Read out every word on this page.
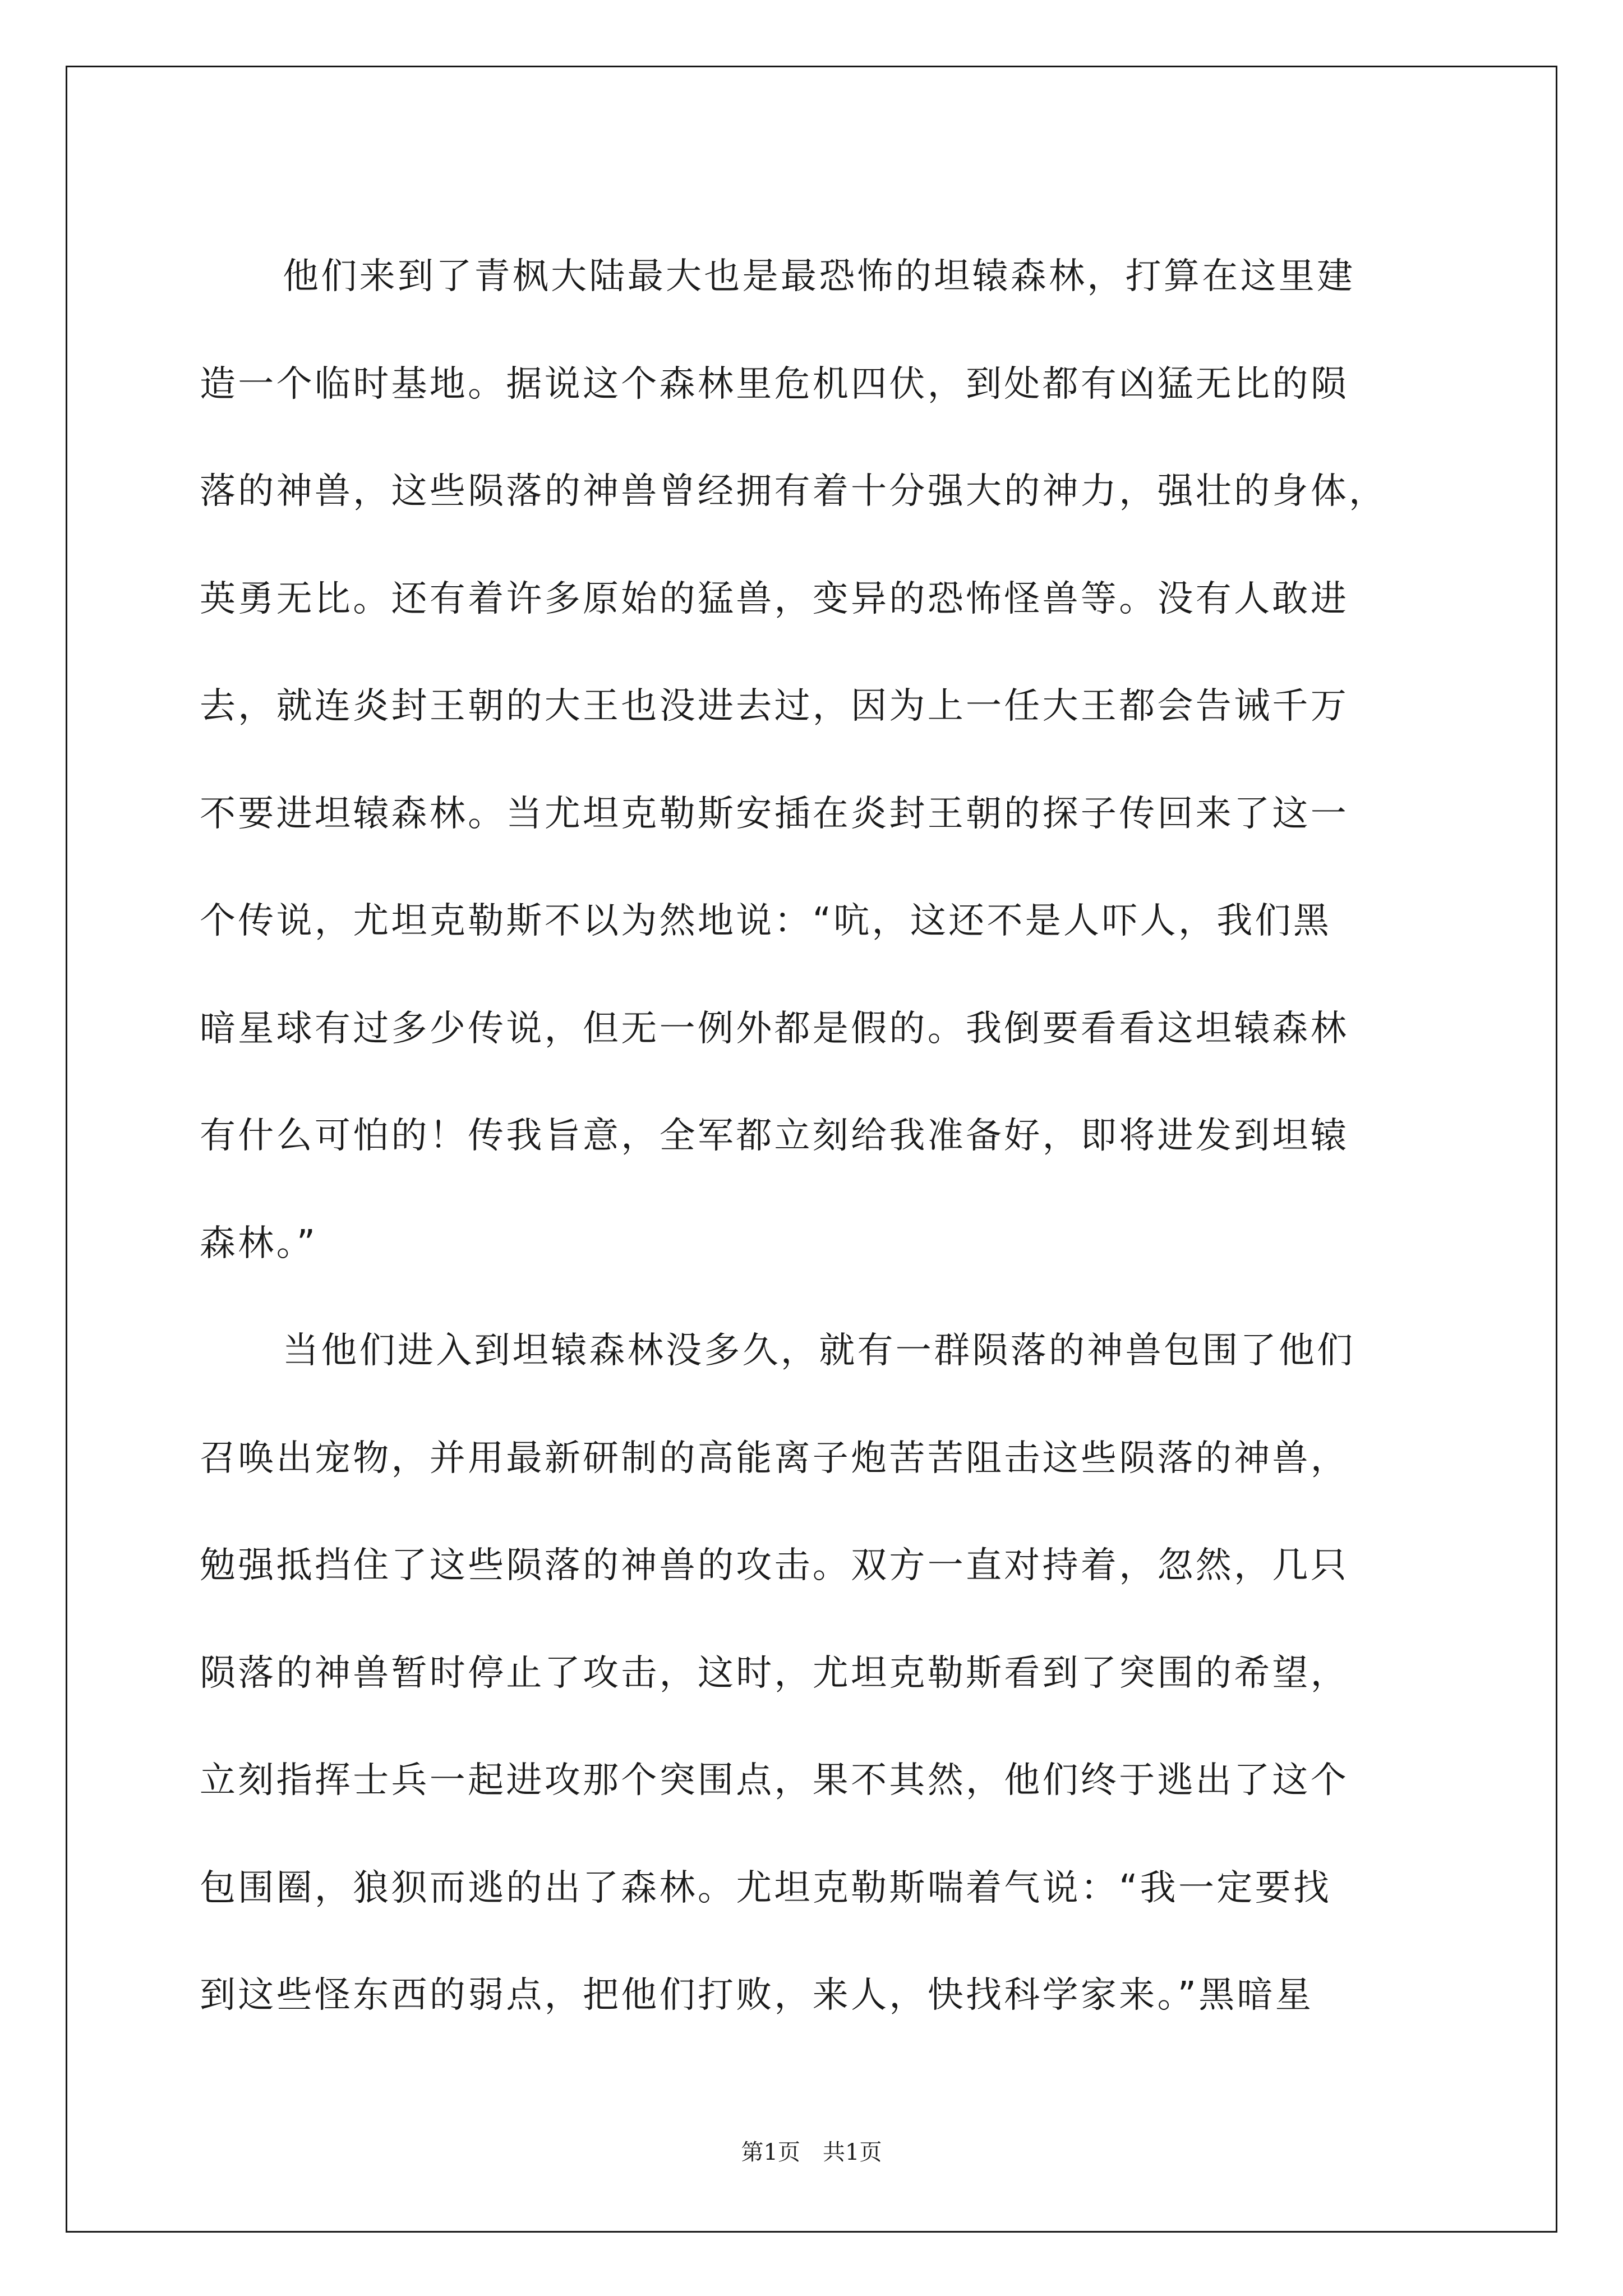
他们来到了青枫大陆最大也是最恐怖的坦辕森林，打算在这里建
造一个临时基地。据说这个森林里危机四伏，到处都有凶猛无比的陨
落的神兽，这些陨落的神兽曾经拥有着十分强大的神力，强壮的身体，
英勇无比。还有着许多原始的猛兽，变异的恐怖怪兽等。没有人敢进
去，就连炎封王朝的大王也没进去过，因为上一任大王都会告诫千万
不要进坦辕森林。当尤坦克勒斯安插在炎封王朝的探子传回来了这一
个传说，尤坦克勒斯不以为然地说：“吭，这还不是人吓人，我们黑
暗星球有过多少传说，但无一例外都是假的。我倒要看看这坦辕森林
有什么可怕的！传我旨意，全军都立刻给我准备好，即将进发到坦辕
森林。”
当他们进入到坦辕森林没多久，就有一群陨落的神兽包围了他们
召唤出宠物，并用最新研制的高能离子炮苦苦阻击这些陨落的神兽，
勉强抵挡住了这些陨落的神兽的攻击。双方一直对持着，忽然，几只
陨落的神兽暂时停止了攻击，这时，尤坦克勒斯看到了突围的希望，
立刻指挥士兵一起进攻那个突围点，果不其然，他们终于逃出了这个
包围圈，狼狈而逃的出了森林。尤坦克勒斯喘着气说：“我一定要找
到这些怪东西的弱点，把他们打败，来人，快找科学家来。”黑暗星
第1页　共1页
